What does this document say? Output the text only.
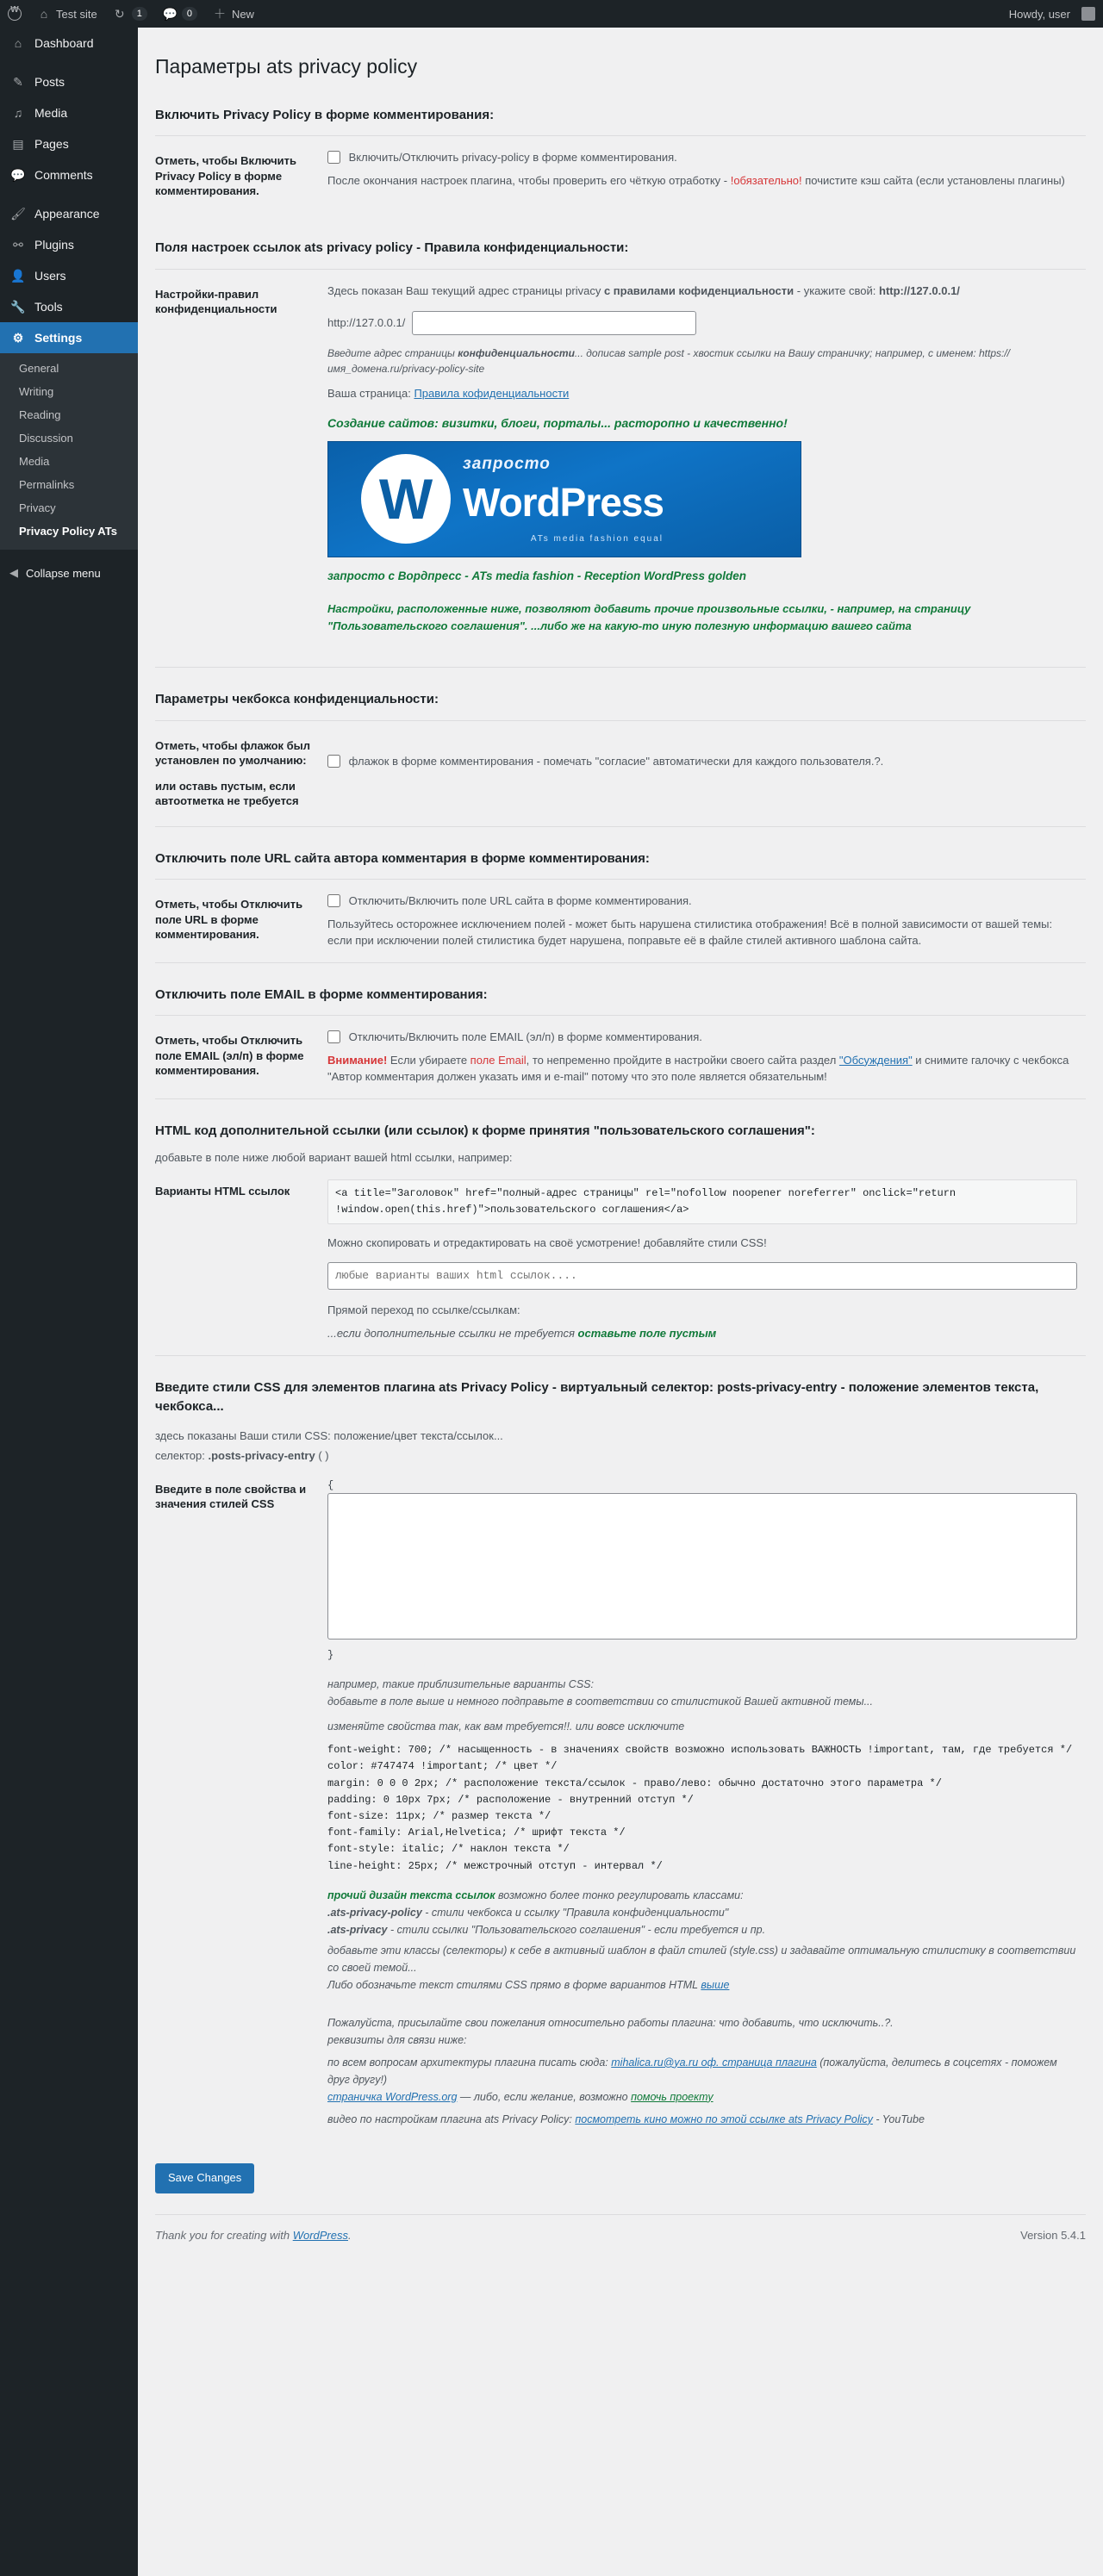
W
⌂ Test site ↻	1	💬 0	＋ New	Howdy, user
⌂	Dashboard
✎ Posts
♫ Media
▤ Pages
💬 Comments
🖌 Appearance
⚯ Plugins
👤 Users
🔧 Tools
⚙ Settings
General
Writing
Reading
Discussion
Media
Permalinks
Privacy
Privacy Policy ATs
◀ Collapse menu
Параметры ats privacy policy
Включить Privacy Policy в форме комментирования:
Отметь, чтобы Включить Privacy Policy в форме комментирования.	
Включить/Отключить privacy-policy в форме комментирования.
После окончания настроек плагина, чтобы проверить его чёткую отработку - !обязательно! почистите кэш сайта (если установлены плагины)
Поля настроек ссылок ats privacy policy - Правила конфиденциальности:
Настройки-правил конфиденциальности

Здесь показан Ваш текущий адрес страницы privacy с правилами кофиденциальности - укажите свой: http://127.0.0.1/
http://127.0.0.1/
Введите адрес страницы конфиденциальности... дописав sample post - хвостик ссылки на Вашу страничку; например, с именем: https://имя_домена.ru/privacy-policy-site
Ваша страница: Правила кофиденциальности
Создание сайтов: визитки, блоги, порталы... расторопно и качественно!
W
запросто
WordPress
ATs media fashion equal
запросто с Вордпресс - ATs media fashion - Reception WordPress golden
Настройки, расположенные ниже, позволяют добавить прочие произвольные ссылки, - например, на страницу
"Пользовательского соглашения". ...либо же на какую-то иную полезную информацию вашего сайта
Параметры чекбокса конфиденциальности:
Отметь, чтобы флажок был установлен по умолчанию:
или оставь пустым, если автоотметка не требуется

флажок в форме комментирования - помечать "согласие" автоматически для каждого пользователя.?.
Отключить поле URL сайта автора комментария в форме комментирования:
Отметь, чтобы Отключить поле URL в форме комментирования.	
Отключить/Включить поле URL сайта в форме комментирования.
Пользуйтесь осторожнее исключением полей - может быть нарушена стилистика отображения! Всё в полной зависимости от вашей темы: если при исключении полей стилистика будет нарушена, поправьте её в файле стилей активного шаблона сайта.
Отключить поле EMAIL в форме комментирования:
Отметь, чтобы Отключить поле EMAIL (эл/п) в форме комментирования.	
Отключить/Включить поле EMAIL (эл/п) в форме комментирования.
Внимание! Если убираете поле Email, то непременно пройдите в настройки своего сайта раздел "Обсуждения" и снимите галочку с чекбокса "Автор комментария должен указать имя и e-mail" потому что это поле является обязательным!
HTML код дополнительной ссылки (или ссылок) к форме принятия "пользовательского соглашения":
добавьте в поле ниже любой вариант вашей html ссылки, например:
Варианты HTML ссылок	<a title="Заголовок" href="полный-адрес страницы" rel="nofollow noopener noreferrer" onclick="return !window.open(this.href)">пользовательского соглашения</a>
Можно скопировать и отредактировать на своё усмотрение! добавляйте стили CSS!
любые варианты ваших html ссылок....
Прямой переход по ссылке/ссылкам:
...если дополнительные ссылки не требуется оставьте поле пустым
Введите стили CSS для элементов плагина ats Privacy Policy - виртуальный селектор: posts-privacy-entry - положение элементов текста, чекбокса...
здесь показаны Ваши стили CSS: положение/цвет текста/ссылок...
селектор: .posts-privacy-entry ( )
Введите в поле свойства и значения стилей CSS	
{
}
например, такие приблизительные варианты CSS:
добавьте в поле выше и немного подправьте в соответствии со стилистикой Вашей активной темы...
изменяйте свойства так, как вам требуется!!. или вовсе исключите
font-weight: 700; /* насыщенность - в значениях свойств возможно использовать ВАЖНОСТЬ !important, там, где требуется */
color: #747474 !important; /* цвет */
margin: 0 0 0 2px; /* расположение текста/ссылок - право/лево: обычно достаточно этого параметра */
padding: 0 10px 7px; /* расположение - внутренний отступ */
font-size: 11px; /* размер текста */
font-family: Arial,Helvetica; /* шрифт текста */
font-style: italic; /* наклон текста */
line-height: 25px; /* межстрочный отступ - интервал */
прочий дизайн текста ссылок возможно более тонко регулировать классами:
.ats-privacy-policy - стили чекбокса и ссылку "Правила конфиденциальности"
.ats-privacy - стили ссылки "Пользовательского соглашения" - если требуется и пр.
добавьте эти классы (селекторы) к себе в активный шаблон в файл стилей (style.css) и задавайте оптимальную стилистику в соответствии со своей темой...
Либо обозначьте текст стилями CSS прямо в форме вариантов HTML выше
Пожалуйста, присылайте свои пожелания относительно работы плагина: что добавить, что исключить..?.
реквизиты для связи ниже:
по всем вопросам архитектуры плагина писать сюда: mihalica.ru@ya.ru оф. страница плагина (пожалуйста, делитесь в соцсетях - поможем друг другу!)
страничка WordPress.org — либо, если желание, возможно помочь проекту
видео по настройкам плагина ats Privacy Policy: посмотреть кино можно по этой ссылке ats Privacy Policy - YouTube
Save Changes
Thank you for creating with WordPress.	Version 5.4.1
